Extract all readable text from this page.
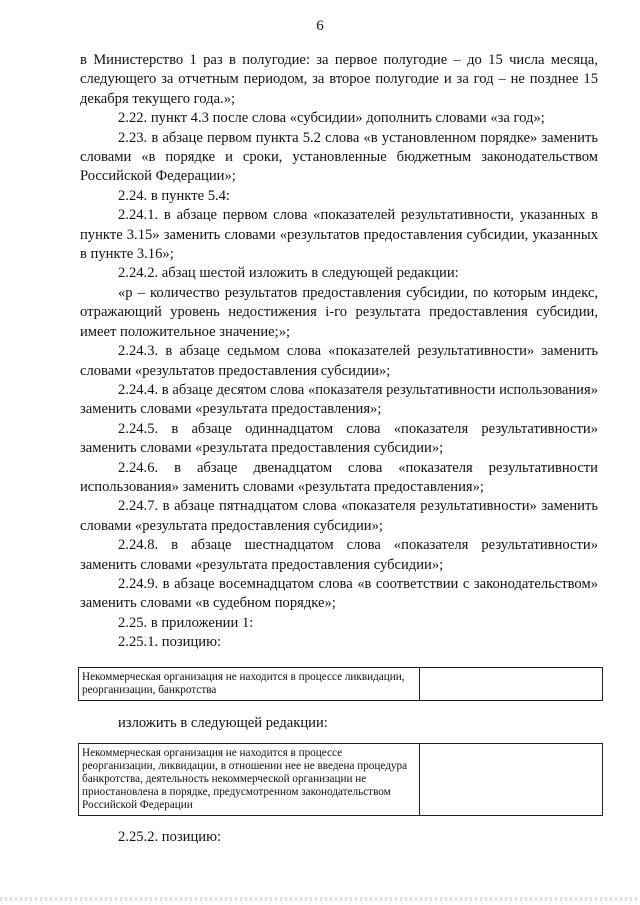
6

в Министерство 1 раз в полугодие: за первое полугодие – до 15 числа месяца, следующего за отчетным периодом, за второе полугодие и за год – не позднее 15 декабря текущего года.»;

2.22. пункт 4.3 после слова «субсидии» дополнить словами «за год»;

2.23. в абзаце первом пункта 5.2 слова «в установленном порядке» заменить словами «в порядке и сроки, установленные бюджетным законодательством Российской Федерации»;

2.24. в пункте 5.4:

2.24.1. в абзаце первом слова «показателей результативности, указанных в пункте 3.15» заменить словами «результатов предоставления субсидии, указанных в пункте 3.16»;

2.24.2. абзац шестой изложить в следующей редакции:

«р – количество результатов предоставления субсидии, по которым индекс, отражающий уровень недостижения i-го результата предоставления субсидии, имеет положительное значение;»;

2.24.3. в абзаце седьмом слова «показателей результативности» заменить словами «результатов предоставления субсидии»;

2.24.4. в абзаце десятом слова «показателя результативности использования» заменить словами «результата предоставления»;

2.24.5. в абзаце одиннадцатом слова «показателя результативности» заменить словами «результата предоставления субсидии»;

2.24.6. в абзаце двенадцатом слова «показателя результативности использования» заменить словами «результата предоставления»;

2.24.7. в абзаце пятнадцатом слова «показателя результативности» заменить словами «результата предоставления субсидии»;

2.24.8. в абзаце шестнадцатом слова «показателя результативности» заменить словами «результата предоставления субсидии»;

2.24.9. в абзаце восемнадцатом слова «в соответствии с законодательством» заменить словами «в судебном порядке»;

2.25. в приложении 1:

2.25.1. позицию:

Некоммерческая организация не находится в процессе ликвидации, реорганизации, банкротства	

изложить в следующей редакции:

Некоммерческая организация не находится в процессе реорганизации, ликвидации, в отношении нее не введена процедура банкротства, деятельность некоммерческой организации не приостановлена в порядке, предусмотренном законодательством Российской Федерации	

2.25.2. позицию:
